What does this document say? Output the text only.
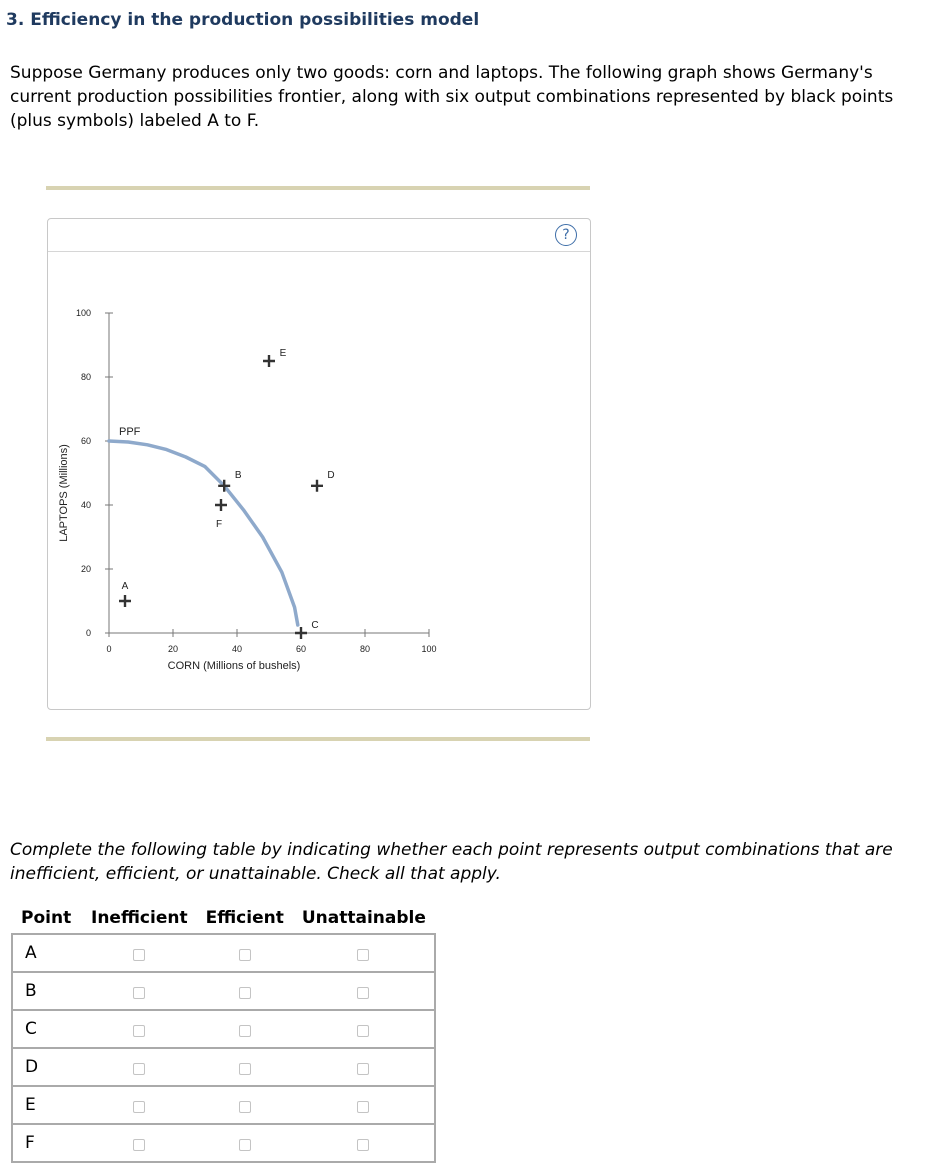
3. Efficiency in the production possibilities model
Suppose Germany produces only two goods: corn and laptops. The following graph shows Germany's current production possibilities frontier, along with six output combinations represented by black points (plus symbols) labeled A to F.
?
0
20
40
60
80
100
0	20	40	60	80	100
CORN (Millions of bushels)
LAPTOPS (Millions)
PPF
A
B
C
D
E
F
Complete the following table by indicating whether each point represents output combinations that are inefficient, efficient, or unattainable. Check all that apply.
Point	Inefficient	Efficient	Unattainable
A			
B			
C			
D			
E			
F			
